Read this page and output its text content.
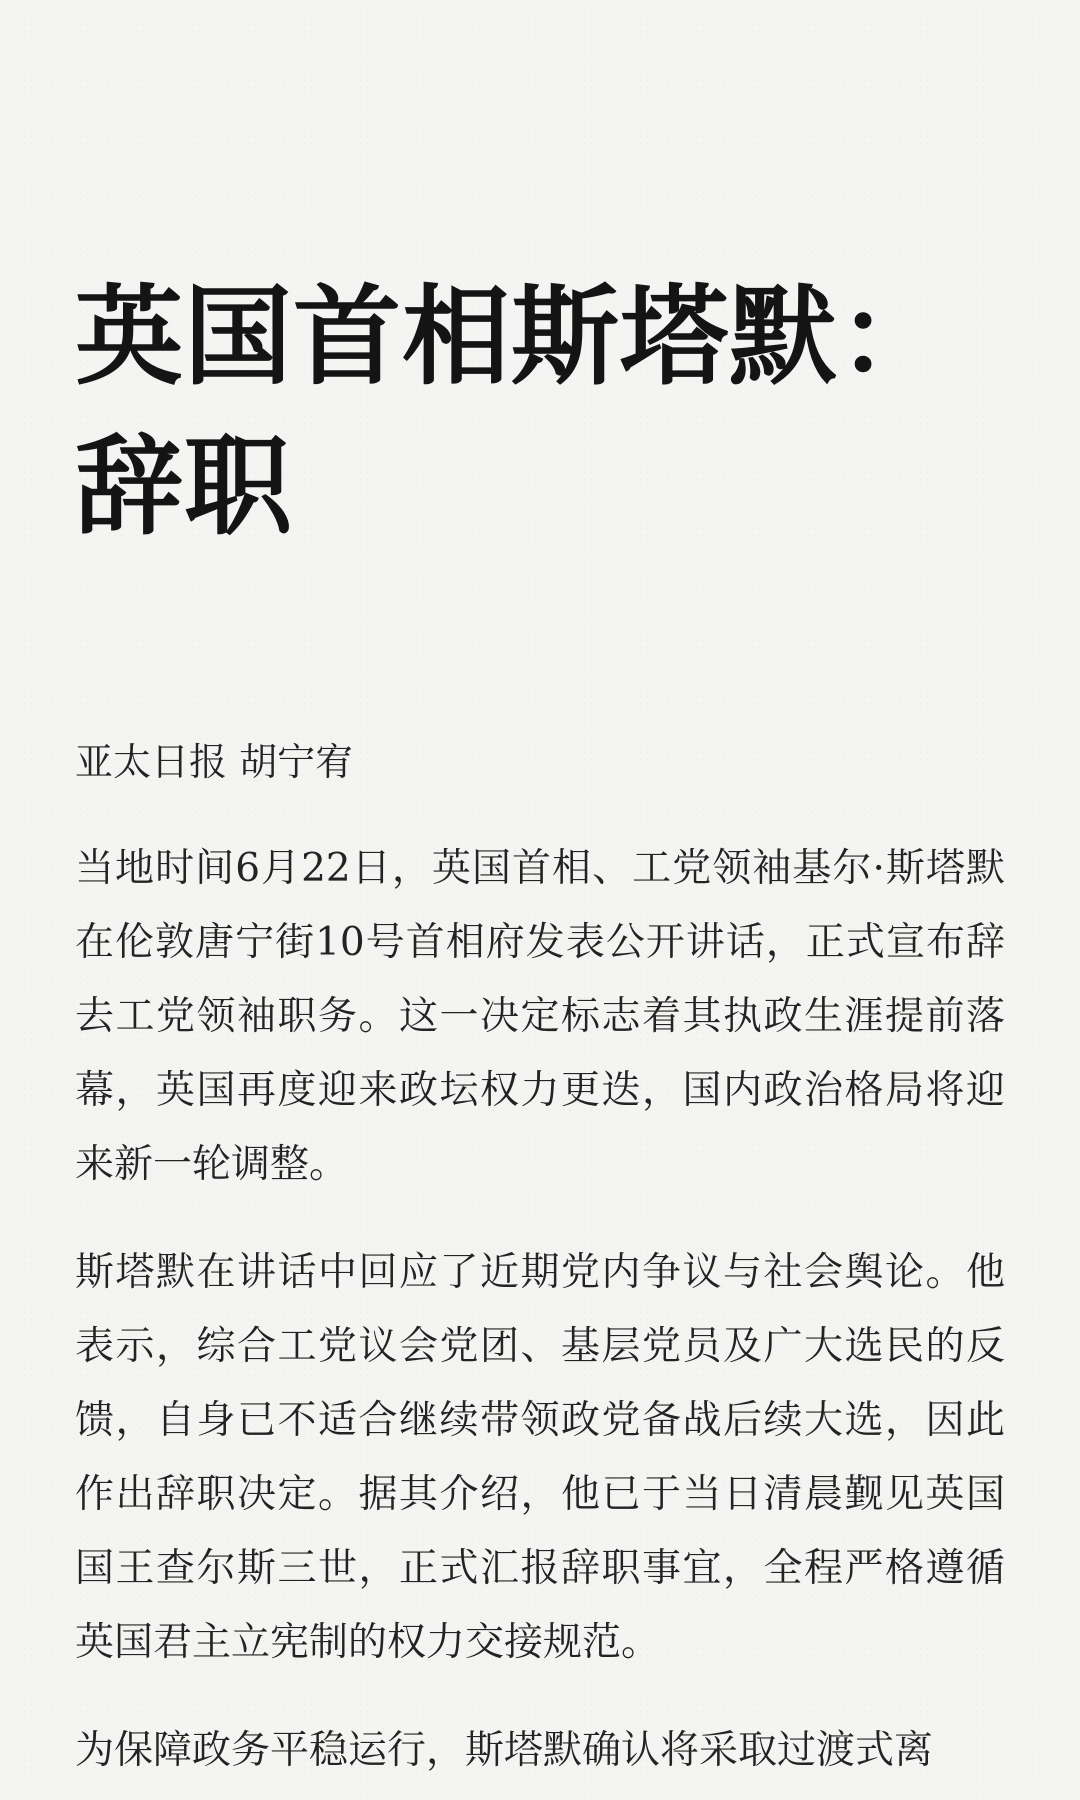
英国首相斯塔默：
辞职

亚太日报 胡宁宥

当地时间6月22日，英国首相、工党领袖基尔·斯塔默在伦敦唐宁街10号首相府发表公开讲话，正式宣布辞去工党领袖职务。这一决定标志着其执政生涯提前落幕，英国再度迎来政坛权力更迭，国内政治格局将迎来新一轮调整。

斯塔默在讲话中回应了近期党内争议与社会舆论。他表示，综合工党议会党团、基层党员及广大选民的反馈，自身已不适合继续带领政党备战后续大选，因此作出辞职决定。据其介绍，他已于当日清晨觐见英国国王查尔斯三世，正式汇报辞职事宜，全程严格遵循英国君主立宪制的权力交接规范。

为保障政务平稳运行，斯塔默确认将采取过渡式离
